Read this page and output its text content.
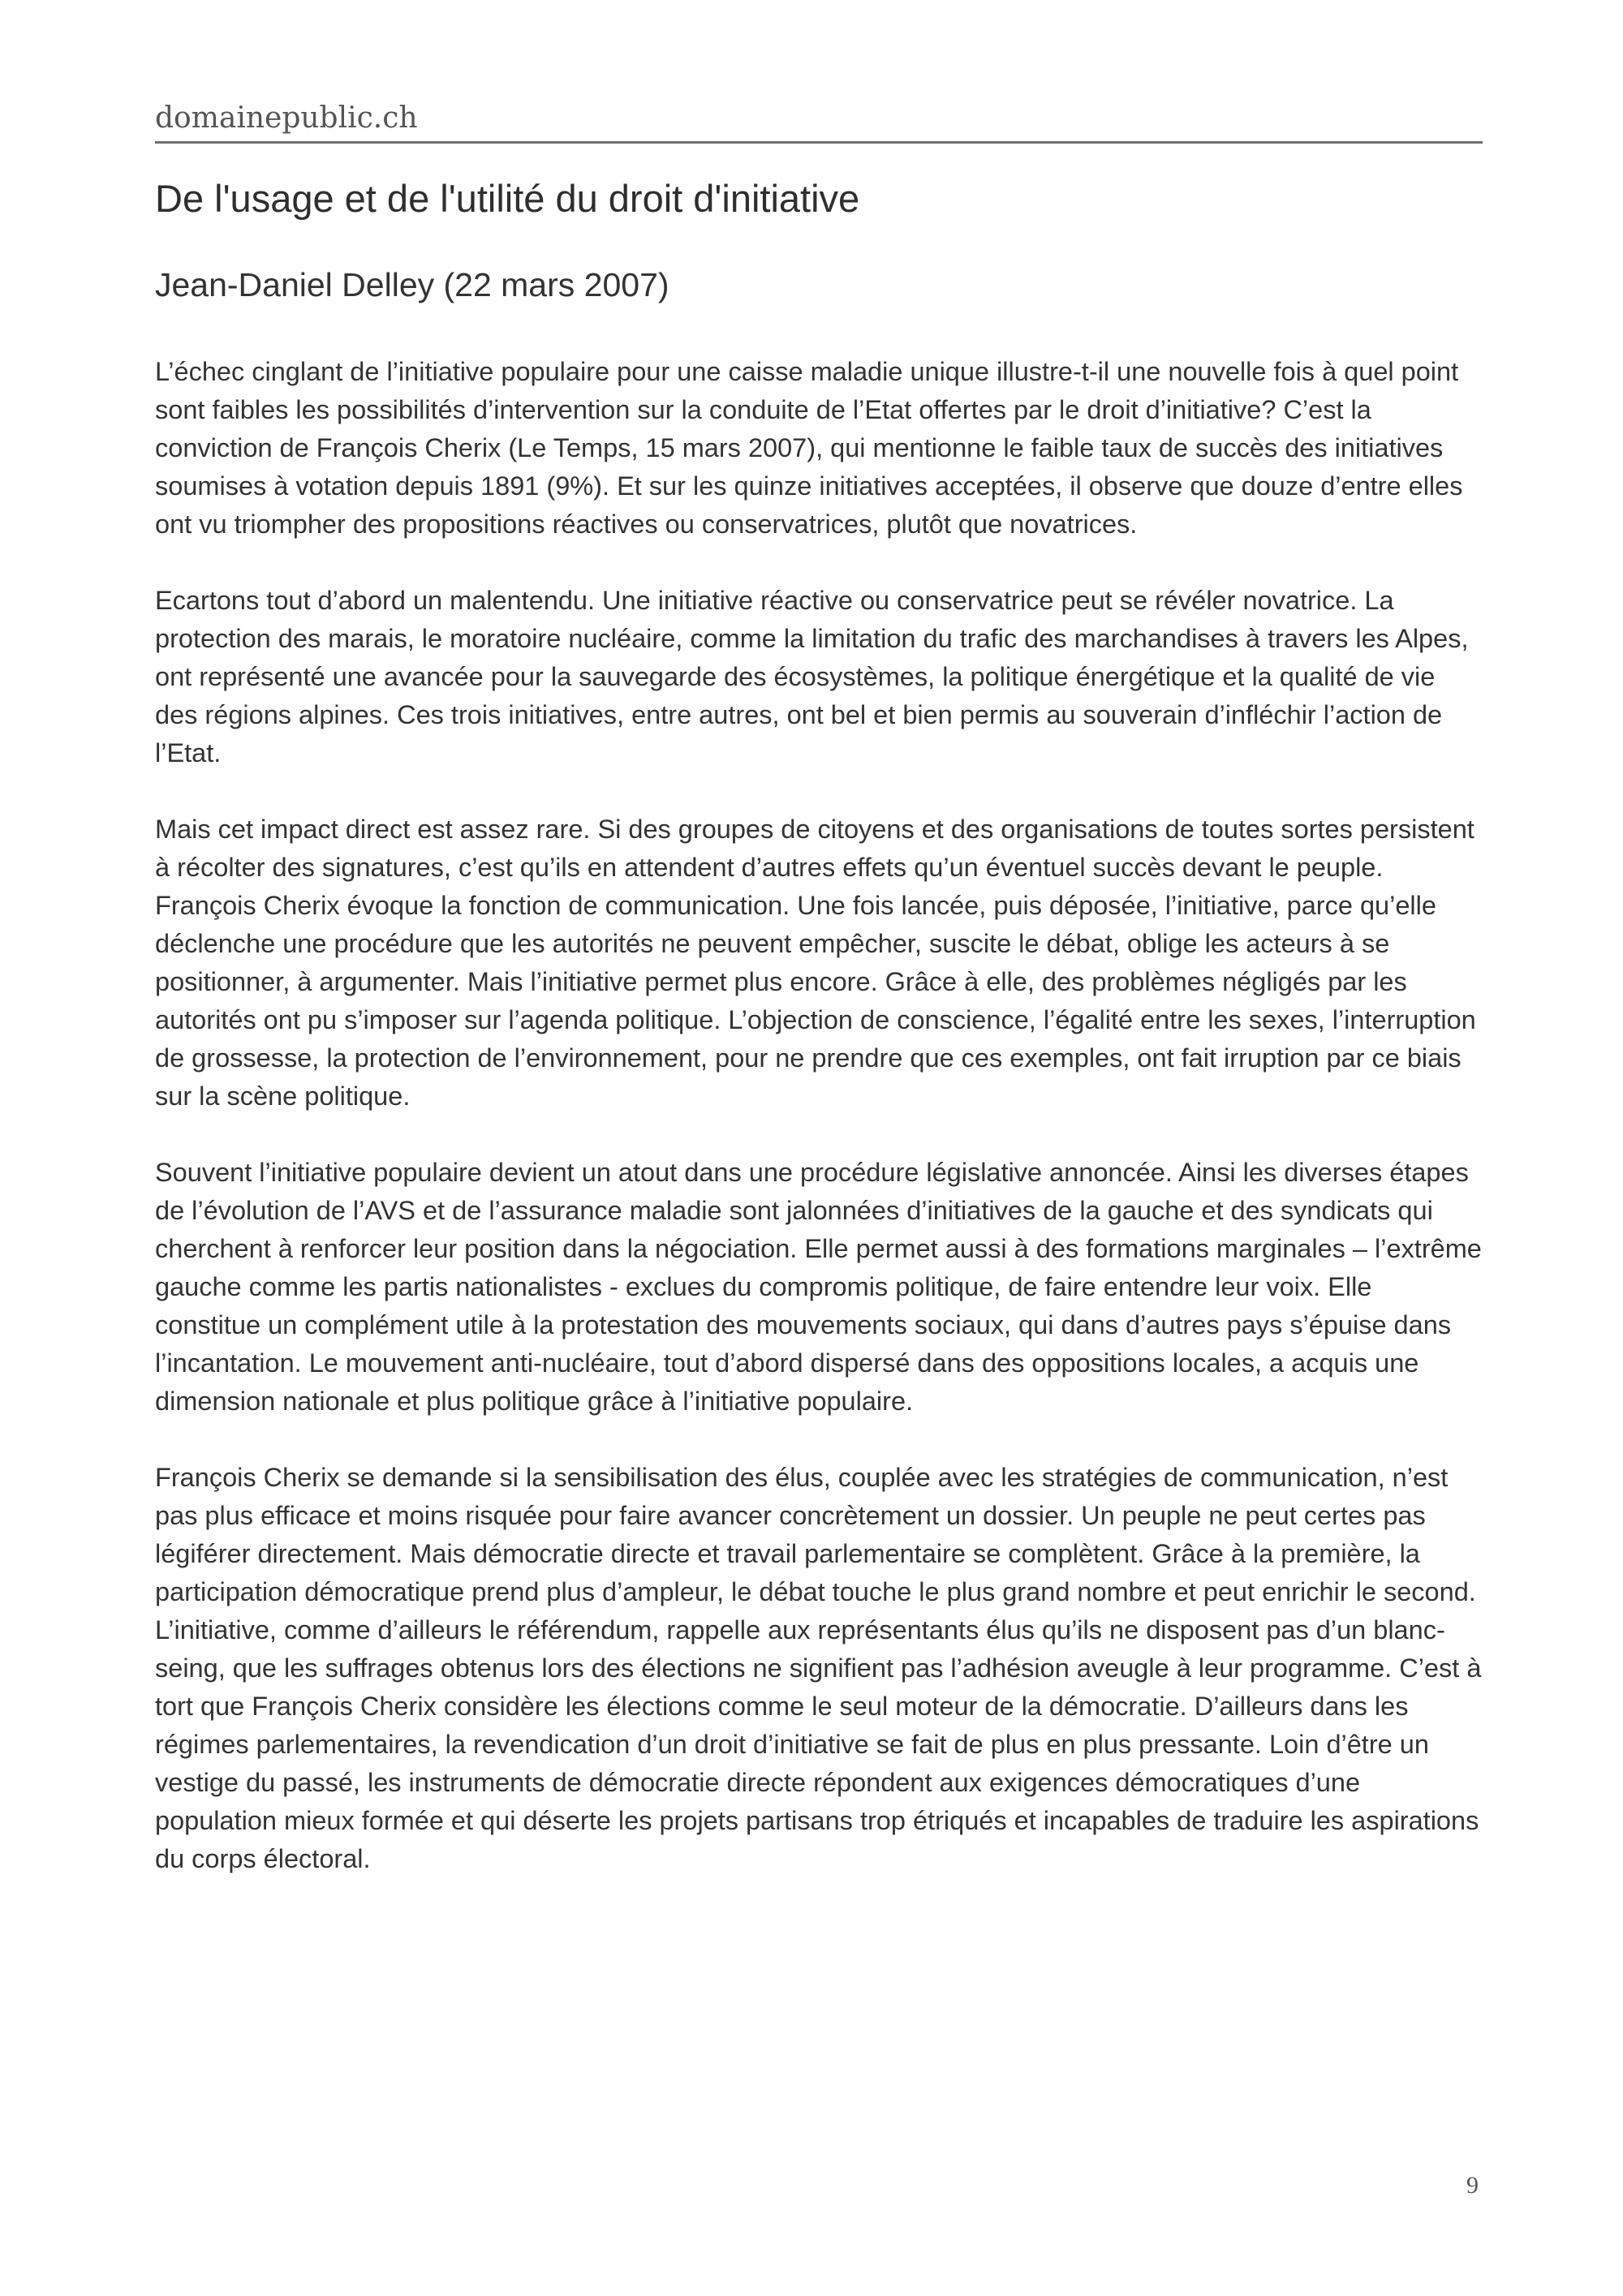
domainepublic.ch
De l'usage et de l'utilité du droit d'initiative
Jean-Daniel Delley (22 mars 2007)

L’échec cinglant de l’initiative populaire pour une caisse maladie unique illustre-t-il une nouvelle fois à quel point sont faibles les possibilités d’intervention sur la conduite de l’Etat offertes par le droit d’initiative? C’est la conviction de François Cherix (Le Temps, 15 mars 2007), qui mentionne le faible taux de succès des initiatives soumises à votation depuis 1891 (9%). Et sur les quinze initiatives acceptées, il observe que douze d’entre elles ont vu triompher des propositions réactives ou conservatrices, plutôt que novatrices.

Ecartons tout d’abord un malentendu. Une initiative réactive ou conservatrice peut se révéler novatrice. La protection des marais, le moratoire nucléaire, comme la limitation du trafic des marchandises à travers les Alpes, ont représenté une avancée pour la sauvegarde des écosystèmes, la politique énergétique et la qualité de vie des régions alpines. Ces trois initiatives, entre autres, ont bel et bien permis au souverain d’infléchir l’action de l’Etat.

Mais cet impact direct est assez rare. Si des groupes de citoyens et des organisations de toutes sortes persistent à récolter des signatures, c’est qu’ils en attendent d’autres effets qu’un éventuel succès devant le peuple.

François Cherix évoque la fonction de communication. Une fois lancée, puis déposée, l’initiative, parce qu’elle déclenche une procédure que les autorités ne peuvent empêcher, suscite le débat, oblige les acteurs à se positionner, à argumenter. Mais l’initiative permet plus encore. Grâce à elle, des problèmes négligés par les autorités ont pu s’imposer sur l’agenda politique. L’objection de conscience, l’égalité entre les sexes, l’interruption de grossesse, la protection de l’environnement, pour ne prendre que ces exemples, ont fait irruption par ce biais sur la scène politique.

Souvent l’initiative populaire devient un atout dans une procédure législative annoncée. Ainsi les diverses étapes de l’évolution de l’AVS et de l’assurance maladie sont jalonnées d’initiatives de la gauche et des syndicats qui cherchent à renforcer leur position dans la négociation. Elle permet aussi à des formations marginales – l’extrême gauche comme les partis nationalistes - exclues du compromis politique, de faire entendre leur voix. Elle constitue un complément utile à la protestation des mouvements sociaux, qui dans d’autres pays s’épuise dans l’incantation. Le mouvement anti-nucléaire, tout d’abord dispersé dans des oppositions locales, a acquis une dimension nationale et plus politique grâce à l’initiative populaire.

François Cherix se demande si la sensibilisation des élus, couplée avec les stratégies de communication, n’est pas plus efficace et moins risquée pour faire avancer concrètement un dossier. Un peuple ne peut certes pas légiférer directement. Mais démocratie directe et travail parlementaire se complètent. Grâce à la première, la participation démocratique prend plus d’ampleur, le débat touche le plus grand nombre et peut enrichir le second. L’initiative, comme d’ailleurs le référendum, rappelle aux représentants élus qu’ils ne disposent pas d’un blanc-seing, que les suffrages obtenus lors des élections ne signifient pas l’adhésion aveugle à leur programme. C’est à tort que François Cherix considère les élections comme le seul moteur de la démocratie. D’ailleurs dans les régimes parlementaires, la revendication d’un droit d’initiative se fait de plus en plus pressante. Loin d’être un vestige du passé, les instruments de démocratie directe répondent aux exigences démocratiques d’une population mieux formée et qui déserte les projets partisans trop étriqués et incapables de traduire les aspirations du corps électoral.

9
